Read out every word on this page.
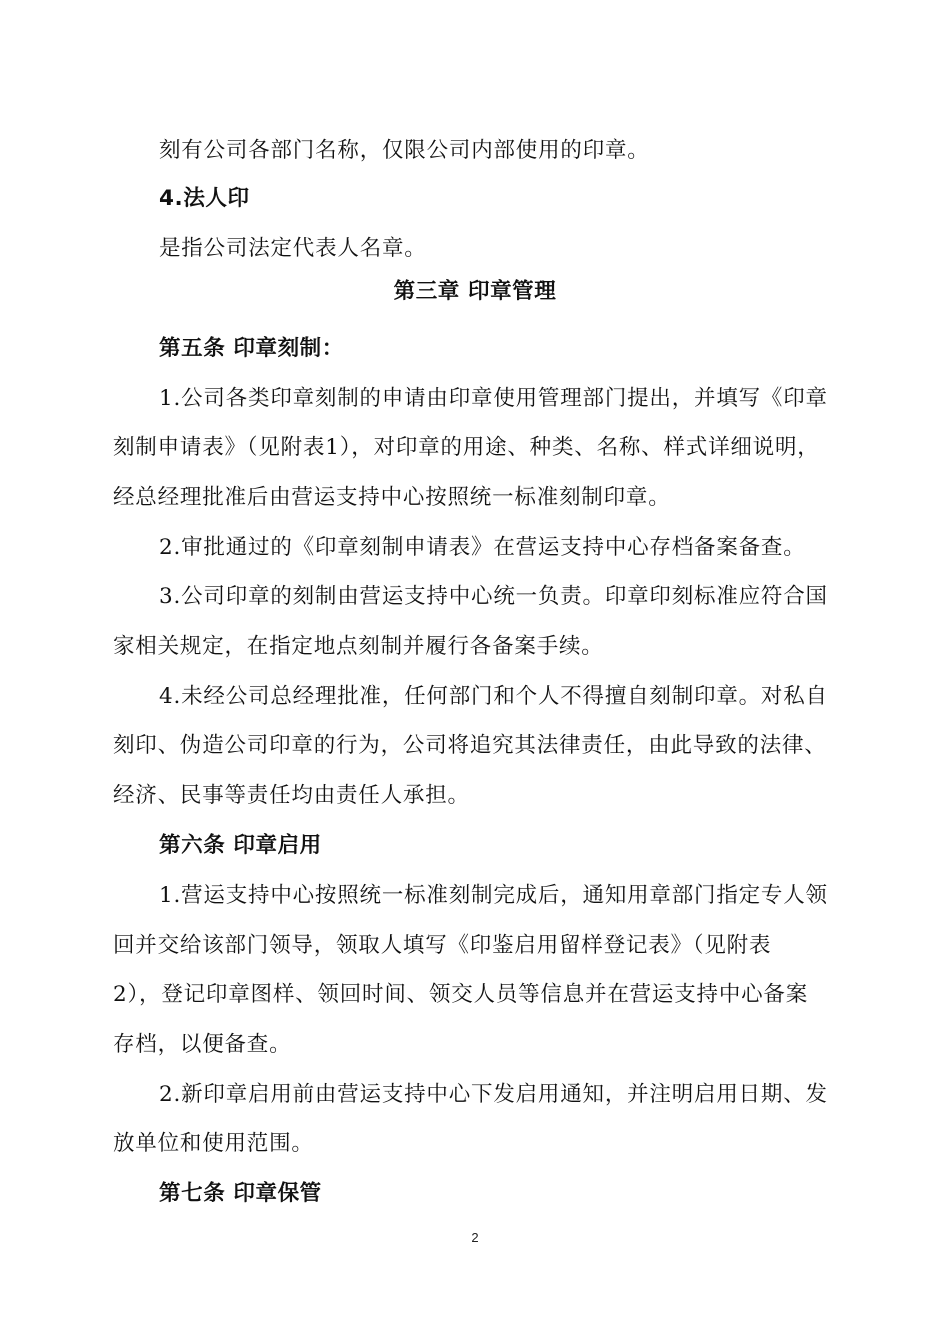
刻有公司各部门名称，仅限公司内部使用的印章。
4.法人印
是指公司法定代表人名章。
第五条 印章刻制：
1.公司各类印章刻制的申请由印章使用管理部门提出，并填写《印章
刻制申请表》（见附表1），对印章的用途、种类、名称、样式详细说明，
经总经理批准后由营运支持中心按照统一标准刻制印章。
2.审批通过的《印章刻制申请表》在营运支持中心存档备案备查。
3.公司印章的刻制由营运支持中心统一负责。印章印刻标准应符合国
家相关规定，在指定地点刻制并履行各备案手续。
4.未经公司总经理批准，任何部门和个人不得擅自刻制印章。对私自
刻印、伪造公司印章的行为，公司将追究其法律责任，由此导致的法律、
经济、民事等责任均由责任人承担。
第六条 印章启用
1.营运支持中心按照统一标准刻制完成后，通知用章部门指定专人领
回并交给该部门领导，领取人填写《印鉴启用留样登记表》（见附表
2），登记印章图样、领回时间、领交人员等信息并在营运支持中心备案
存档，以便备查。
2.新印章启用前由营运支持中心下发启用通知，并注明启用日期、发
放单位和使用范围。
第七条 印章保管
第三章 印章管理
2
